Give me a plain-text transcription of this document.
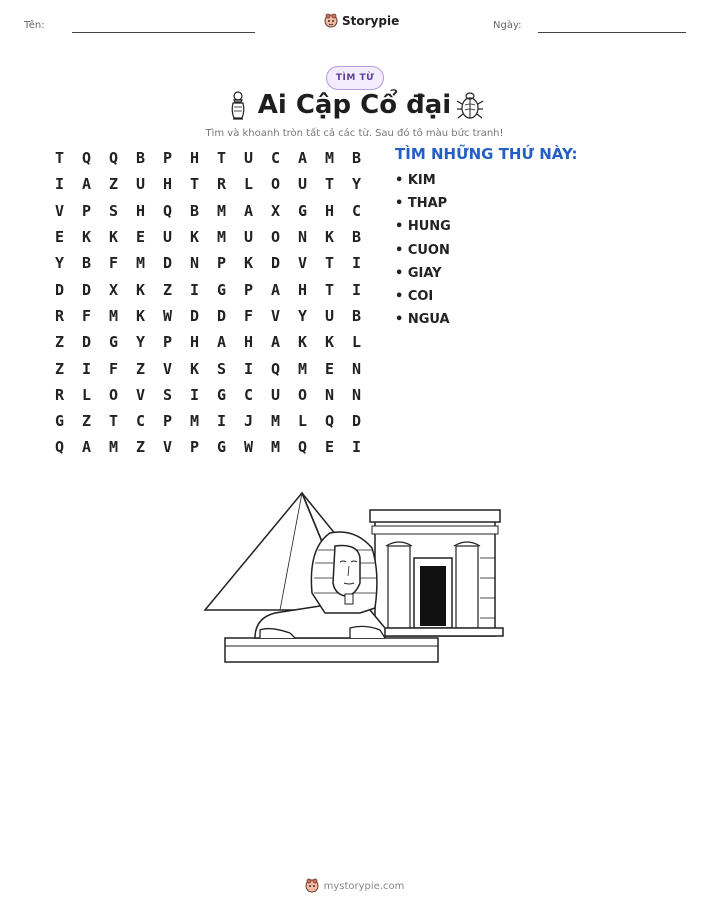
Tên:	Storypie	Ngày:
TÌM TỪ
Ai Cập Cổ đại
Tìm và khoanh tròn tất cả các từ. Sau đó tô màu bức tranh!
T	Q	Q	B	P	H	T	U	C	A	M	B
I	A	Z	U	H	T	R	L	O	U	T	Y
V	P	S	H	Q	B	M	A	X	G	H	C
E	K	K	E	U	K	M	U	O	N	K	B
Y	B	F	M	D	N	P	K	D	V	T	I
D	D	X	K	Z	I	G	P	A	H	T	I
R	F	M	K	W	D	D	F	V	Y	U	B
Z	D	G	Y	P	H	A	H	A	K	K	L
Z	I	F	Z	V	K	S	I	Q	M	E	N
R	L	O	V	S	I	G	C	U	O	N	N
G	Z	T	C	P	M	I	J	M	L	Q	D
Q	A	M	Z	V	P	G	W	M	Q	E	I
TÌM NHỮNG THỨ NÀY:
• KIM
• THAP
• HUNG
• CUON
• GIAY
• COI
• NGUA
mystorypie.com
